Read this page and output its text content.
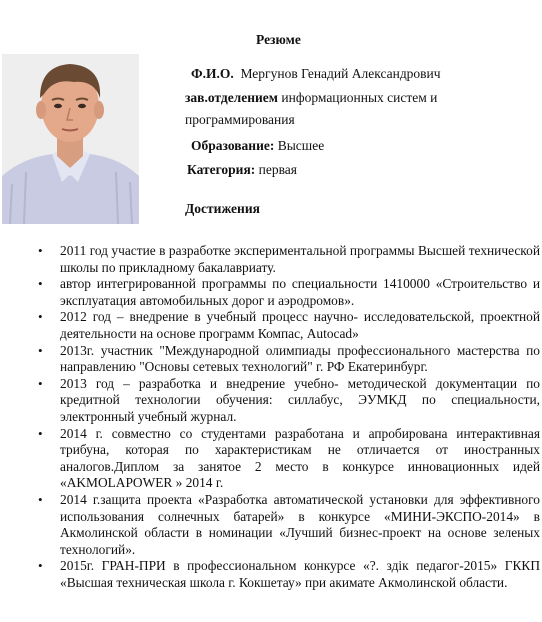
Резюме
Ф.И.О. Мергунов Генадий Александрович
зав.отделением информационных систем и
программирования
Образование: Высшее
Категория: первая
Достижения
• 2011 год участие в разработке экспериментальной программы Высшей технической школы по прикладному бакалавриату.
• автор интегрированной программы по специальности 1410000 «Строительство и эксплуатация автомобильных дорог и аэродромов».
• 2012 год – внедрение в учебный процесс научно- исследовательской, проектной деятельности на основе программ Компас, Autocad»
• 2013г. участник "Международной олимпиады профессионального мастерства по направлению "Основы сетевых технологий" г. РФ Екатеринбург.
• 2013 год – разработка и внедрение учебно- методической документации по кредитной технологии обучения: силлабус, ЭУМКД по специальности, электронный учебный журнал.
• 2014 г. совместно со студентами разработана и апробирована интерактивная трибуна, которая по характеристикам не отличается от иностранных аналогов.Диплом за занятое 2 место в конкурсе инновационных идей «AKMOLAPOWER » 2014 г.
• 2014 г.защита проекта «Разработка автоматической установки для эффективного использования солнечных батарей» в конкурсе «МИНИ-ЭКСПО-2014» в Акмолинской области в номинации «Лучший бизнес-проект на основе зеленых технологий».
• 2015г. ГРАН-ПРИ в профессиональном конкурсе «?. здік педагог-2015» ГККП «Высшая техническая школа г. Кокшетау» при акимате Акмолинской области.
